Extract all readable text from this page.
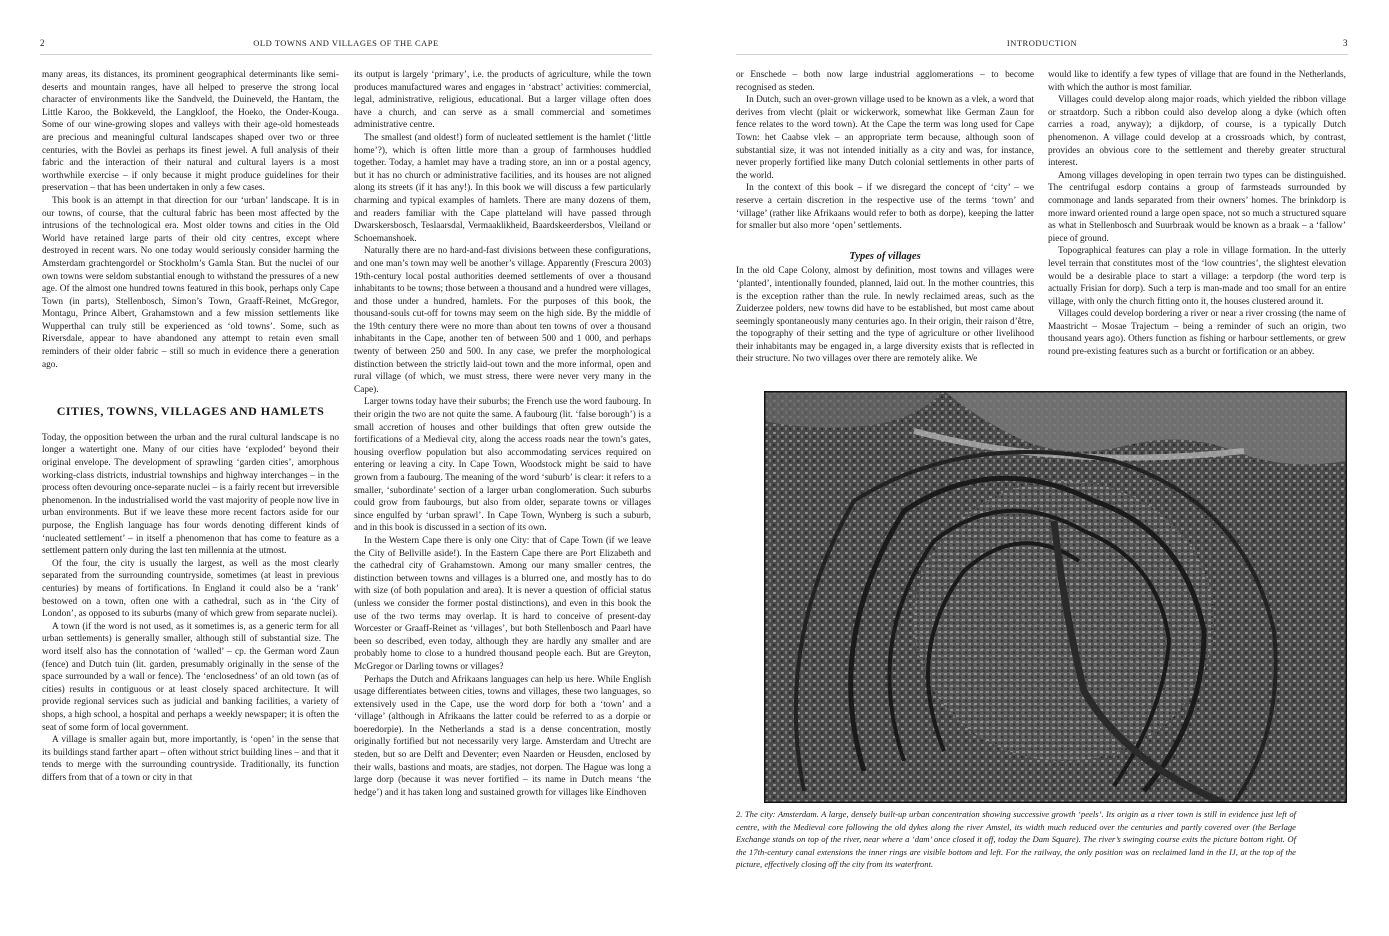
2	OLD TOWNS AND VILLAGES OF THE CAPE

many areas, its distances, its prominent geographical determinants like semi-deserts and mountain ranges, have all helped to preserve the strong local character of environments like the Sandveld, the Duineveld, the Hantam, the Little Karoo, the Bokkeveld, the Langkloof, the Hoeko, the Onder-Kouga. Some of our wine-growing slopes and valleys with their age-old homesteads are precious and meaningful cultural landscapes shaped over two or three centuries, with the Bovlei as perhaps its finest jewel. A full analysis of their fabric and the interaction of their natural and cultural layers is a most worthwhile exercise – if only because it might produce guidelines for their preservation – that has been undertaken in only a few cases.

This book is an attempt in that direction for our ‘urban’ landscape. It is in our towns, of course, that the cultural fabric has been most affected by the intrusions of the technological era. Most older towns and cities in the Old World have retained large parts of their old city centres, except where destroyed in recent wars. No one today would seriously consider harming the Amsterdam grachtengordel or Stockholm’s Gamla Stan. But the nuclei of our own towns were seldom substantial enough to withstand the pressures of a new age. Of the almost one hundred towns featured in this book, perhaps only Cape Town (in parts), Stellenbosch, Simon’s Town, Graaff-Reinet, McGregor, Montagu, Prince Albert, Grahamstown and a few mission settlements like Wupperthal can truly still be experienced as ‘old towns’. Some, such as Riversdale, appear to have abandoned any attempt to retain even small reminders of their older fabric – still so much in evidence there a generation ago.

CITIES, TOWNS, VILLAGES AND HAMLETS

Today, the opposition between the urban and the rural cultural landscape is no longer a watertight one. Many of our cities have ‘exploded’ beyond their original envelope. The development of sprawling ‘garden cities’, amorphous working-class districts, industrial townships and highway interchanges – in the process often devouring once-separate nuclei – is a fairly recent but irreversible phenomenon. In the industrialised world the vast majority of people now live in urban environments. But if we leave these more recent factors aside for our purpose, the English language has four words denoting different kinds of ‘nucleated settlement’ – in itself a phenomenon that has come to feature as a settlement pattern only during the last ten millennia at the utmost.

Of the four, the city is usually the largest, as well as the most clearly separated from the surrounding countryside, sometimes (at least in previous centuries) by means of fortifications. In England it could also be a ‘rank’ bestowed on a town, often one with a cathedral, such as in ‘the City of London’, as opposed to its suburbs (many of which grew from separate nuclei).

A town (if the word is not used, as it sometimes is, as a generic term for all urban settlements) is generally smaller, although still of substantial size. The word itself also has the connotation of ‘walled’ – cp. the German word Zaun (fence) and Dutch tuin (lit. garden, presumably originally in the sense of the space surrounded by a wall or fence). The ‘enclosedness’ of an old town (as of cities) results in contiguous or at least closely spaced architecture. It will provide regional services such as judicial and banking facilities, a variety of shops, a high school, a hospital and perhaps a weekly newspaper; it is often the seat of some form of local government.

A village is smaller again but, more importantly, is ‘open’ in the sense that its buildings stand farther apart – often without strict building lines – and that it tends to merge with the surrounding countryside. Traditionally, its function differs from that of a town or city in that

its output is largely ‘primary’, i.e. the products of agriculture, while the town produces manufactured wares and engages in ‘abstract’ activities: commercial, legal, administrative, religious, educational. But a larger village often does have a church, and can serve as a small commercial and sometimes administrative centre.

The smallest (and oldest!) form of nucleated settlement is the hamlet (‘little home’?), which is often little more than a group of farmhouses huddled together. Today, a hamlet may have a trading store, an inn or a postal agency, but it has no church or administrative facilities, and its houses are not aligned along its streets (if it has any!). In this book we will discuss a few particularly charming and typical examples of hamlets. There are many dozens of them, and readers familiar with the Cape platteland will have passed through Dwarskersbosch, Teslaarsdal, Vermaaklikheid, Baardskeerdersbos, Vleiland or Schoemanshoek.

Naturally there are no hard-and-fast divisions between these configurations, and one man’s town may well be another’s village. Apparently (Frescura 2003) 19th-century local postal authorities deemed settlements of over a thousand inhabitants to be towns; those between a thousand and a hundred were villages, and those under a hundred, hamlets. For the purposes of this book, the thousand-souls cut-off for towns may seem on the high side. By the middle of the 19th century there were no more than about ten towns of over a thousand inhabitants in the Cape, another ten of between 500 and 1 000, and perhaps twenty of between 250 and 500. In any case, we prefer the morphological distinction between the strictly laid-out town and the more informal, open and rural village (of which, we must stress, there were never very many in the Cape).

Larger towns today have their suburbs; the French use the word faubourg. In their origin the two are not quite the same. A faubourg (lit. ‘false borough’) is a small accretion of houses and other buildings that often grew outside the fortifications of a Medieval city, along the access roads near the town’s gates, housing overflow population but also accommodating services required on entering or leaving a city. In Cape Town, Woodstock might be said to have grown from a faubourg. The meaning of the word ‘suburb’ is clear: it refers to a smaller, ‘subordinate’ section of a larger urban conglomeration. Such suburbs could grow from faubourgs, but also from older, separate towns or villages since engulfed by ‘urban sprawl’. In Cape Town, Wynberg is such a suburb, and in this book is discussed in a section of its own.

In the Western Cape there is only one City: that of Cape Town (if we leave the City of Bellville aside!). In the Eastern Cape there are Port Elizabeth and the cathedral city of Grahamstown. Among our many smaller centres, the distinction between towns and villages is a blurred one, and mostly has to do with size (of both population and area). It is never a question of official status (unless we consider the former postal distinctions), and even in this book the use of the two terms may overlap. It is hard to conceive of present-day Worcester or Graaff-Reinet as ‘villages’, but both Stellenbosch and Paarl have been so described, even today, although they are hardly any smaller and are probably home to close to a hundred thousand people each. But are Greyton, McGregor or Darling towns or villages?

Perhaps the Dutch and Afrikaans languages can help us here. While English usage differentiates between cities, towns and villages, these two languages, so extensively used in the Cape, use the word dorp for both a ‘town’ and a ‘village’ (although in Afrikaans the latter could be referred to as a dorpie or boeredorpie). In the Netherlands a stad is a dense concentration, mostly originally fortified but not necessarily very large. Amsterdam and Utrecht are steden, but so are Delft and Deventer; even Naarden or Heusden, enclosed by their walls, bastions and moats, are stadjes, not dorpen. The Hague was long a large dorp (because it was never fortified – its name in Dutch means ‘the hedge’) and it has taken long and sustained growth for villages like Eindhoven

INTRODUCTION	3

or Enschede – both now large industrial agglomerations – to become recognised as steden.

In Dutch, such an over-grown village used to be known as a vlek, a word that derives from vlecht (plait or wickerwork, somewhat like German Zaun for fence relates to the word town). At the Cape the term was long used for Cape Town: het Caabse vlek – an appropriate term because, although soon of substantial size, it was not intended initially as a city and was, for instance, never properly fortified like many Dutch colonial settlements in other parts of the world.

In the context of this book – if we disregard the concept of ‘city’ – we reserve a certain discretion in the respective use of the terms ‘town’ and ‘village’ (rather like Afrikaans would refer to both as dorpe), keeping the latter for smaller but also more ‘open’ settlements.

Types of villages

In the old Cape Colony, almost by definition, most towns and villages were ‘planted’, intentionally founded, planned, laid out. In the mother countries, this is the exception rather than the rule. In newly reclaimed areas, such as the Zuiderzee polders, new towns did have to be established, but most came about seemingly spontaneously many centuries ago. In their origin, their raison d’être, the topography of their setting and the type of agriculture or other livelihood their inhabitants may be engaged in, a large diversity exists that is reflected in their structure. No two villages over there are remotely alike. We

would like to identify a few types of village that are found in the Netherlands, with which the author is most familiar.

Villages could develop along major roads, which yielded the ribbon village or straatdorp. Such a ribbon could also develop along a dyke (which often carries a road, anyway); a dijkdorp, of course, is a typically Dutch phenomenon. A village could develop at a crossroads which, by contrast, provides an obvious core to the settlement and thereby greater structural interest.

Among villages developing in open terrain two types can be distinguished. The centrifugal esdorp contains a group of farmsteads surrounded by commonage and lands separated from their owners’ homes. The brinkdorp is more inward oriented round a large open space, not so much a structured square as what in Stellenbosch and Suurbraak would be known as a braak – a ‘fallow’ piece of ground.

Topographical features can play a role in village formation. In the utterly level terrain that constitutes most of the ‘low countries’, the slightest elevation would be a desirable place to start a village: a terpdorp (the word terp is actually Frisian for dorp). Such a terp is man-made and too small for an entire village, with only the church fitting onto it, the houses clustered around it.

Villages could develop bordering a river or near a river crossing (the name of Maastricht – Mosae Trajectum – being a reminder of such an origin, two thousand years ago). Others function as fishing or harbour settlements, or grew round pre-existing features such as a burcht or fortification or an abbey.

2. The city: Amsterdam. A large, densely built-up urban concentration showing successive growth ‘peels’. Its origin as a river town is still in evidence just left of centre, with the Medieval core following the old dykes along the river Amstel, its width much reduced over the centuries and partly covered over (the Berlage Exchange stands on top of the river, near where a ‘dam’ once closed it off, today the Dam Square). The river’s swinging course exits the picture bottom right. Of the 17th-century canal extensions the inner rings are visible bottom and left. For the railway, the only position was on reclaimed land in the IJ, at the top of the picture, effectively closing off the city from its waterfront.
